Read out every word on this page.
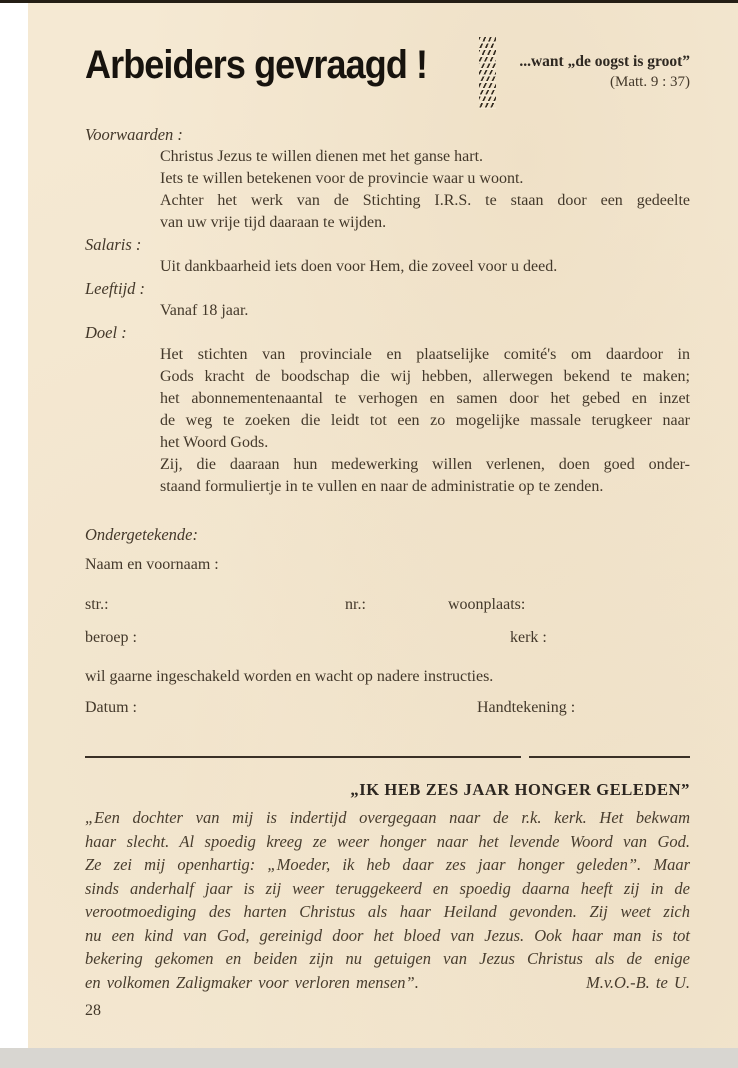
Arbeiders gevraagd !	...want „de oogst is groot”
(Matt. 9 : 37)
Voorwaarden :
Christus Jezus te willen dienen met het ganse hart.
Iets te willen betekenen voor de provincie waar u woont.
Achter het werk van de Stichting I.R.S. te staan door een gedeelte
van uw vrije tijd daaraan te wijden.
Salaris :
Uit dankbaarheid iets doen voor Hem, die zoveel voor u deed.
Leeftijd :
Vanaf 18 jaar.
Doel :
Het stichten van provinciale en plaatselijke comité's om daardoor in
Gods kracht de boodschap die wij hebben, allerwegen bekend te maken;
het abonnementenaantal te verhogen en samen door het gebed en inzet
de weg te zoeken die leidt tot een zo mogelijke massale terugkeer naar
het Woord Gods.
Zij, die daaraan hun medewerking willen verlenen, doen goed onder-
staand formuliertje in te vullen en naar de administratie op te zenden.
Ondergetekende:
Naam en voornaam :
str.:	nr.:	woonplaats:
beroep :	kerk :
wil gaarne ingeschakeld worden en wacht op nadere instructies.
Datum :	Handtekening :
„IK HEB ZES JAAR HONGER GELEDEN”
„Een dochter van mij is indertijd overgegaan naar de r.k. kerk. Het bekwam
haar slecht. Al spoedig kreeg ze weer honger naar het levende Woord van God.
Ze zei mij openhartig: „Moeder, ik heb daar zes jaar honger geleden”. Maar
sinds anderhalf jaar is zij weer teruggekeerd en spoedig daarna heeft zij in de
verootmoediging des harten Christus als haar Heiland gevonden. Zij weet zich
nu een kind van God, gereinigd door het bloed van Jezus. Ook haar man is tot
bekering gekomen en beiden zijn nu getuigen van Jezus Christus als de enige
en volkomen Zaligmaker voor verloren mensen”.	M.v.O.-B. te U.
28
